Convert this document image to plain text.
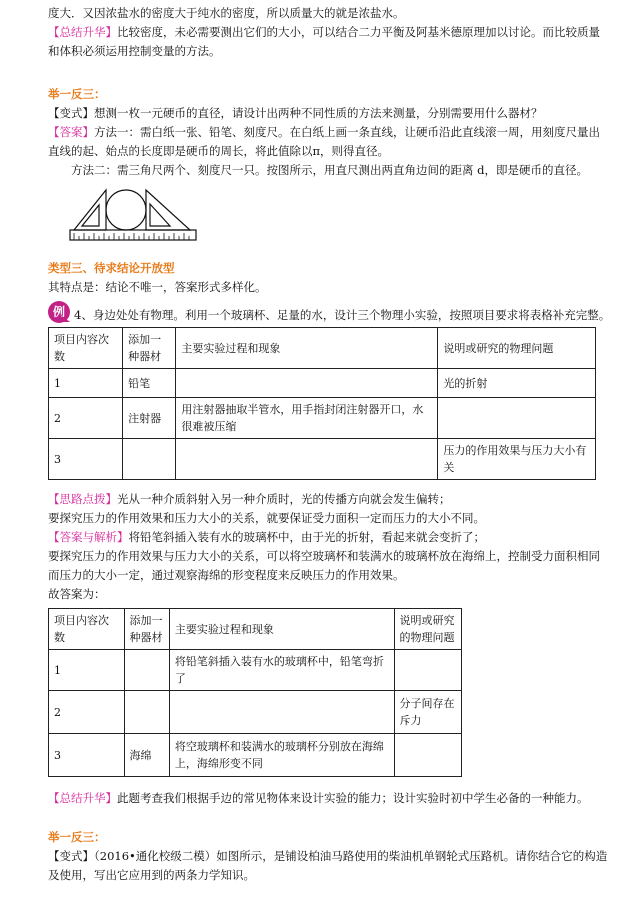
度大．又因浓盐水的密度大于纯水的密度，所以质量大的就是浓盐水。

【总结升华】比较密度，未必需要测出它们的大小，可以结合二力平衡及阿基米德原理加以讨论。而比较质量和体积必须运用控制变量的方法。

举一反三：

【变式】想测一枚一元硬币的直径，请设计出两种不同性质的方法来测量，分别需要用什么器材？

【答案】方法一：需白纸一张、铅笔、刻度尺。在白纸上画一条直线，让硬币沿此直线滚一周，用刻度尺量出直线的起、始点的长度即是硬币的周长，将此值除以π，则得直径。

方法二：需三角尺两个、刻度尺一只。按图所示，用直尺测出两直角边间的距离 d，即是硬币的直径。

类型三、待求结论开放型

其特点是：结论不唯一，答案形式多样化。

例 4、身边处处有物理。利用一个玻璃杯、足量的水，设计三个物理小实验，按照项目要求将表格补充完整。
项目内容次数	添加一种器材	主要实验过程和现象	说明或研究的物理问题
1	铅笔		光的折射
2	注射器	用注射器抽取半管水，用手指封闭注射器开口，水很难被压缩	
3			压力的作用效果与压力大小有关

【思路点拨】光从一种介质斜射入另一种介质时，光的传播方向就会发生偏转；

要探究压力的作用效果和压力大小的关系，就要保证受力面积一定而压力的大小不同。

【答案与解析】将铅笔斜插入装有水的玻璃杯中，由于光的折射，看起来就会变折了；

要探究压力的作用效果与压力大小的关系，可以将空玻璃杯和装满水的玻璃杯放在海绵上，控制受力面积相同而压力的大小一定，通过观察海绵的形变程度来反映压力的作用效果。

故答案为：

项目内容次数	添加一种器材	主要实验过程和现象	说明或研究的物理问题
1		将铅笔斜插入装有水的玻璃杯中，铅笔弯折了	
2			分子间存在斥力
3	海绵	将空玻璃杯和装满水的玻璃杯分别放在海绵上，海绵形变不同	

【总结升华】此题考查我们根据手边的常见物体来设计实验的能力；设计实验时初中学生必备的一种能力。

举一反三：

【变式】（2016•通化校级二模）如图所示，是铺设柏油马路使用的柴油机单钢轮式压路机。请你结合它的构造及使用，写出它应用到的两条力学知识。
